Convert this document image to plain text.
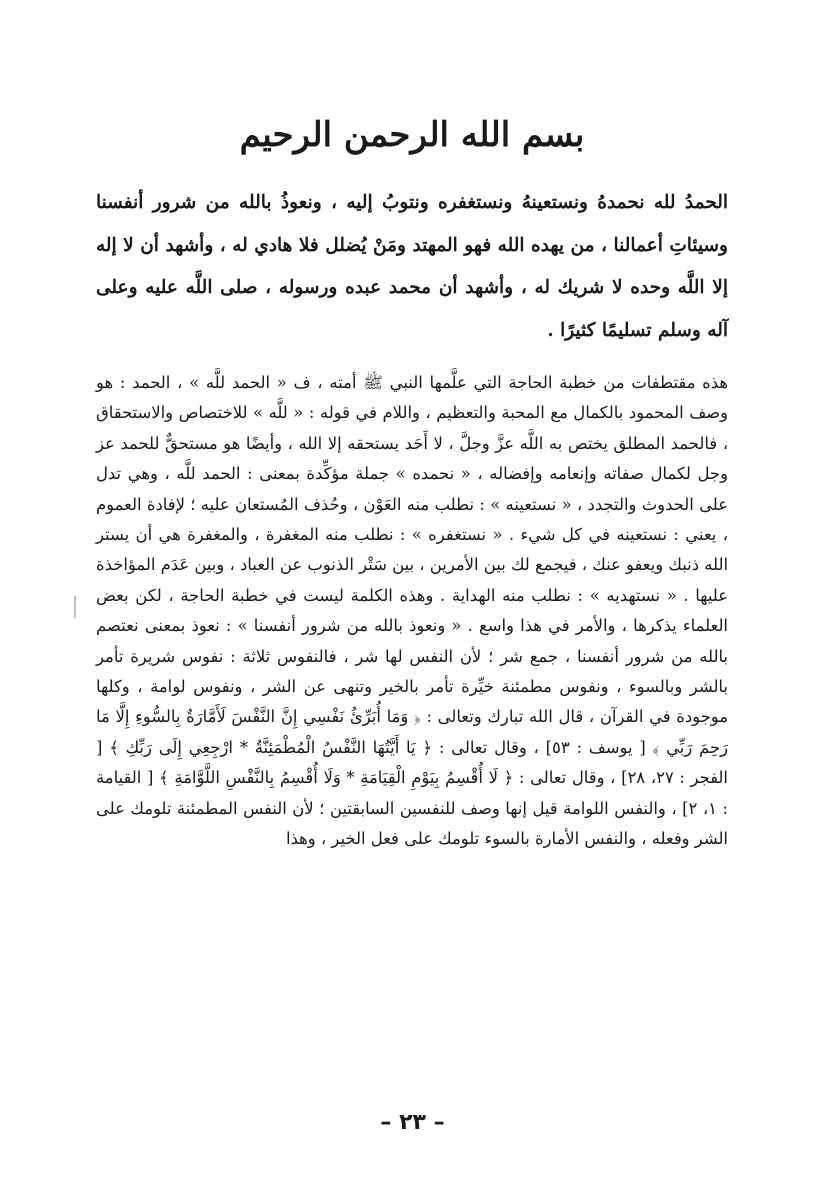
بسم الله الرحمن الرحيم

الحمدُ لله نحمدهُ ونستعينهُ ونستغفره ونتوبُ إليه ، ونعوذُ بالله من شرور أنفسنا وسيئاتِ أعمالنا ، من يهده الله فهو المهتد ومَنْ يُضلل فلا هادي له ، وأشهد أن لا إله إلا اللَّه وحده لا شريك له ، وأشهد أن محمد عبده ورسوله ، صلى اللَّه عليه وعلى آله وسلم تسليمًا كثيرًا .

هذه مقتطفات من خطبة الحاجة التي علَّمها النبي ﷺ أمته ، ف « الحمد للَّه » ، الحمد : هو وصف المحمود بالكمال مع المحبة والتعظيم ، واللام في قوله : « للَّه » للاختصاص والاستحقاق ، فالحمد المطلق يختص به اللَّه عزَّ وجلَّ ، لا أَحَد يستحقه إلا الله ، وأيضًا هو مستحقٌّ للحمد عز وجل لكمال صفاته وإنعامه وإفضاله ، « نحمده » جملة مؤكِّدة بمعنى : الحمد للَّه ، وهي تدل على الحدوث والتجدد ، « نستعينه » : نطلب منه العَوْن ، وحُذف المُستعان عليه ؛ لإفادة العموم ، يعني : نستعينه في كل شيء . « نستغفره » : نطلب منه المغفرة ، والمغفرة هي أن يستر الله ذنبك ويعفو عنك ، فيجمع لك بين الأمرين ، بين سَتْر الذنوب عن العباد ، وبين عَدَم المؤاخذة عليها . « نستهديه » : نطلب منه الهداية . وهذه الكلمة ليست في خطبة الحاجة ، لكن بعض العلماء يذكرها ، والأمر في هذا واسع . « ونعوذ بالله من شرور أنفسنا » : نعوذ بمعنى نعتصم بالله من شرور أنفسنا ، جمع شر ؛ لأن النفس لها شر ، فالنفوس ثلاثة : نفوس شريرة تأمر بالشر وبالسوء ، ونفوس مطمئنة خيِّرة تأمر بالخير وتنهى عن الشر ، ونفوس لوامة ، وكلها موجودة في القرآن ، قال الله تبارك وتعالى : ﴿ وَمَا أُبَرِّئُ نَفْسِي إِنَّ النَّفْسَ لَأَمَّارَةٌ بِالسُّوءِ إِلَّا مَا رَحِمَ رَبِّي ﴾ [ يوسف : ٥٣] ، وقال تعالى : ﴿ يَا أَيَّتُهَا النَّفْسُ الْمُطْمَئِنَّةُ * ارْجِعِي إِلَى رَبِّكِ ﴾ [ الفجر : ٢٧، ٢٨] ، وقال تعالى : ﴿ لَا أُقْسِمُ بِيَوْمِ الْقِيَامَةِ * وَلَا أُقْسِمُ بِالنَّفْسِ اللَّوَّامَةِ ﴾ [ القيامة : ١، ٢] ، والنفس اللوامة قيل إنها وصف للنفسين السابقتين ؛ لأن النفس المطمئنة تلومك على الشر وفعله ، والنفس الأمارة بالسوء تلومك على فعل الخير ، وهذا

– ٢٣ –
